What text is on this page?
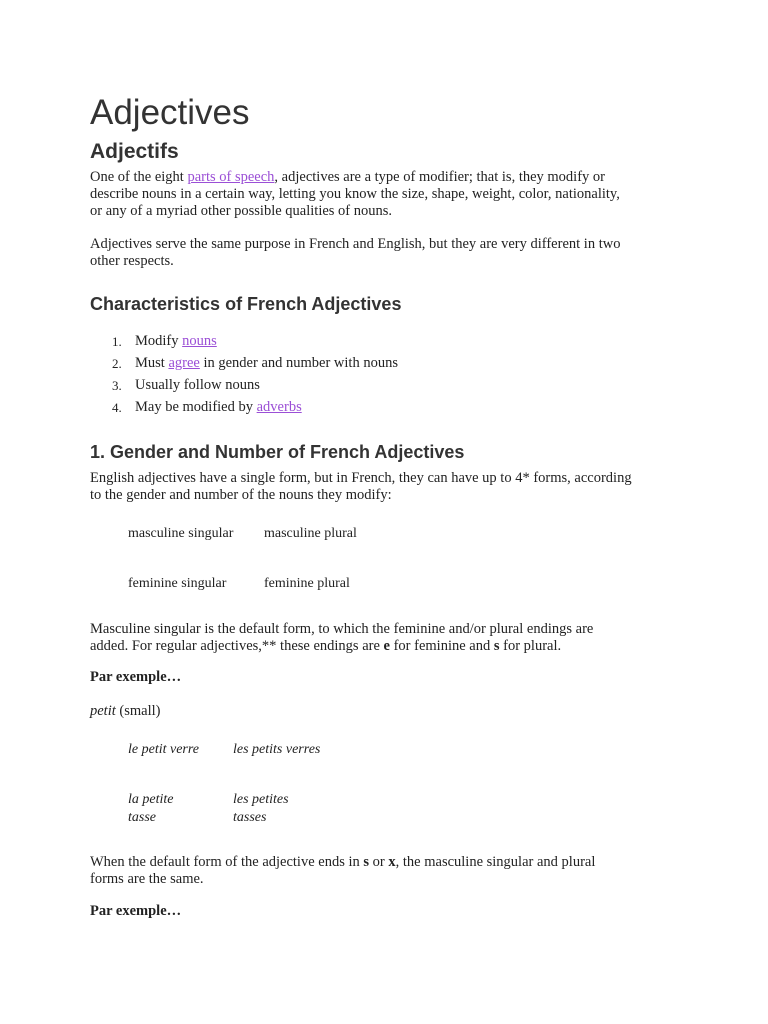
Adjectives
Adjectifs

One of the eight parts of speech, adjectives are a type of modifier; that is, they modify or
describe nouns in a certain way, letting you know the size, shape, weight, color, nationality,
or any of a myriad other possible qualities of nouns.

Adjectives serve the same purpose in French and English, but they are very different in two
other respects.

Characteristics of French Adjectives
1. Modify nouns
2. Must agree in gender and number with nouns
3. Usually follow nouns
4. May be modified by adverbs
1. Gender and Number of French Adjectives

English adjectives have a single form, but in French, they can have up to 4* forms, according
to the gender and number of the nouns they modify:

masculine singular masculine plural
feminine singular	feminine plural

Masculine singular is the default form, to which the feminine and/or plural endings are
added. For regular adjectives,** these endings are e for feminine and s for plural.

Par exemple…

petit (small)

le petit verre les petits verres
la petite
tasse
les petites
tasses

When the default form of the adjective ends in s or x, the masculine singular and plural
forms are the same.

Par exemple…
